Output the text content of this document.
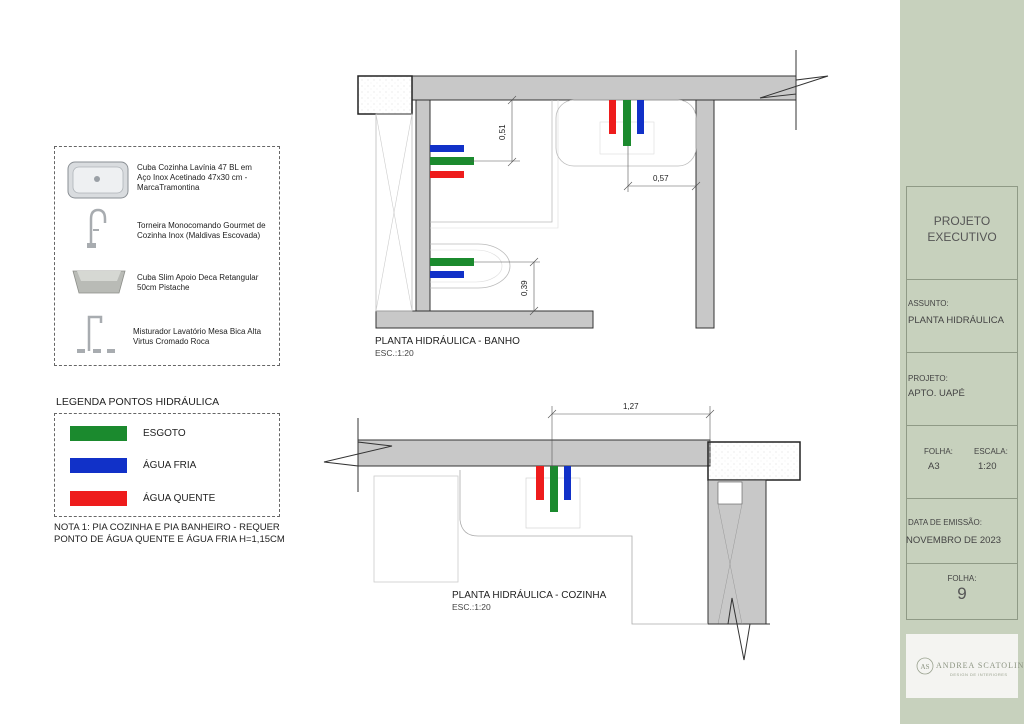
0,51
0,57
0,39
1,27
PLANTA HIDRÁULICA - BANHO
ESC.:1:20
PLANTA HIDRÁULICA - COZINHA
ESC.:1:20
Cuba Cozinha Lavínia 47 BL em Aço Inox Acetinado 47x30 cm - MarcaTramontina
Torneira Monocomando Gourmet de Cozinha Inox (Maldivas Escovada)
Cuba Slim Apoio Deca Retangular 50cm Pistache
Misturador Lavatório Mesa Bica Alta Virtus Cromado Roca
LEGENDA PONTOS HIDRÁULICA
ESGOTO
ÁGUA FRIA
ÁGUA QUENTE
NOTA 1: PIA COZINHA E PIA BANHEIRO - REQUER
PONTO DE ÁGUA QUENTE E ÁGUA FRIA H=1,15CM
PROJETO
EXECUTIVO
ASSUNTO:
PLANTA HIDRÁULICA
PROJETO:
APTO. UAPÉ
FOLHA:	ESCALA:
A3	1:20
DATA DE EMISSÃO:
NOVEMBRO DE 2023
FOLHA:
9
AS ANDREA SCATOLIN
DESIGN DE INTERIORES
